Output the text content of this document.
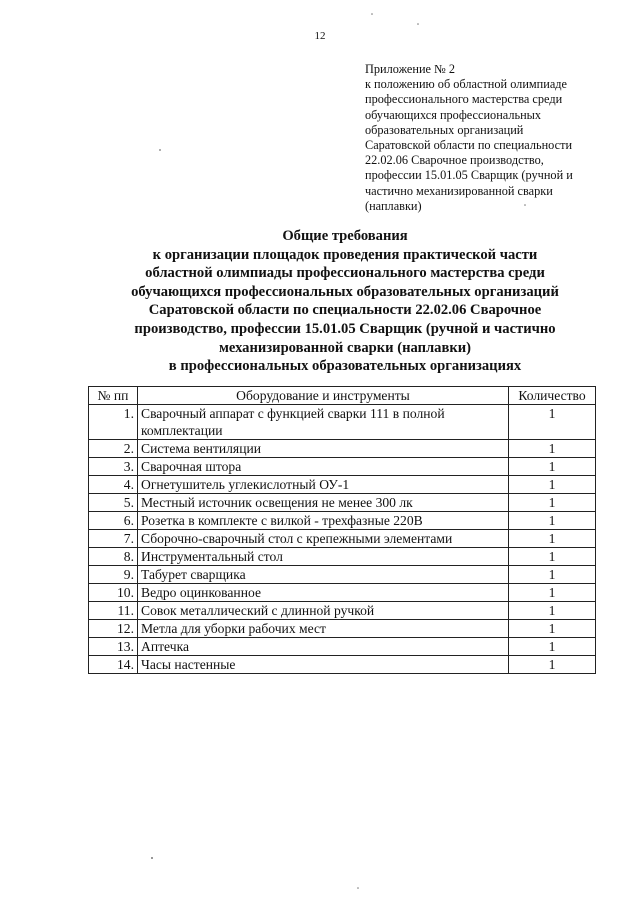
12
Приложение № 2
к положению об областной олимпиаде
профессионального мастерства среди
обучающихся профессиональных
образовательных организаций
Саратовской области по специальности
22.02.06 Сварочное производство,
профессии 15.01.05 Сварщик (ручной и
частично механизированной сварки
(наплавки)
Общие требования
к организации площадок проведения практической части
областной олимпиады профессионального мастерства среди
обучающихся профессиональных образовательных организаций
Саратовской области по специальности 22.02.06 Сварочное
производство, профессии 15.01.05 Сварщик (ручной и частично
механизированной сварки (наплавки)
в профессиональных образовательных организациях
№ пп	Оборудование и инструменты	Количество
1.	Сварочный аппарат с функцией сварки 111 в полной комплектации	1
2.	Система вентиляции	1
3.	Сварочная штора	1
4.	Огнетушитель углекислотный ОУ-1	1
5.	Местный источник освещения не менее 300 лк	1
6.	Розетка в комплекте с вилкой - трехфазные 220В	1
7.	Сборочно-сварочный стол с крепежными элементами	1
8.	Инструментальный стол	1
9.	Табурет сварщика	1
10.	Ведро оцинкованное	1
11.	Совок металлический с длинной ручкой	1
12.	Метла для уборки рабочих мест	1
13.	Аптечка	1
14.	Часы настенные	1
